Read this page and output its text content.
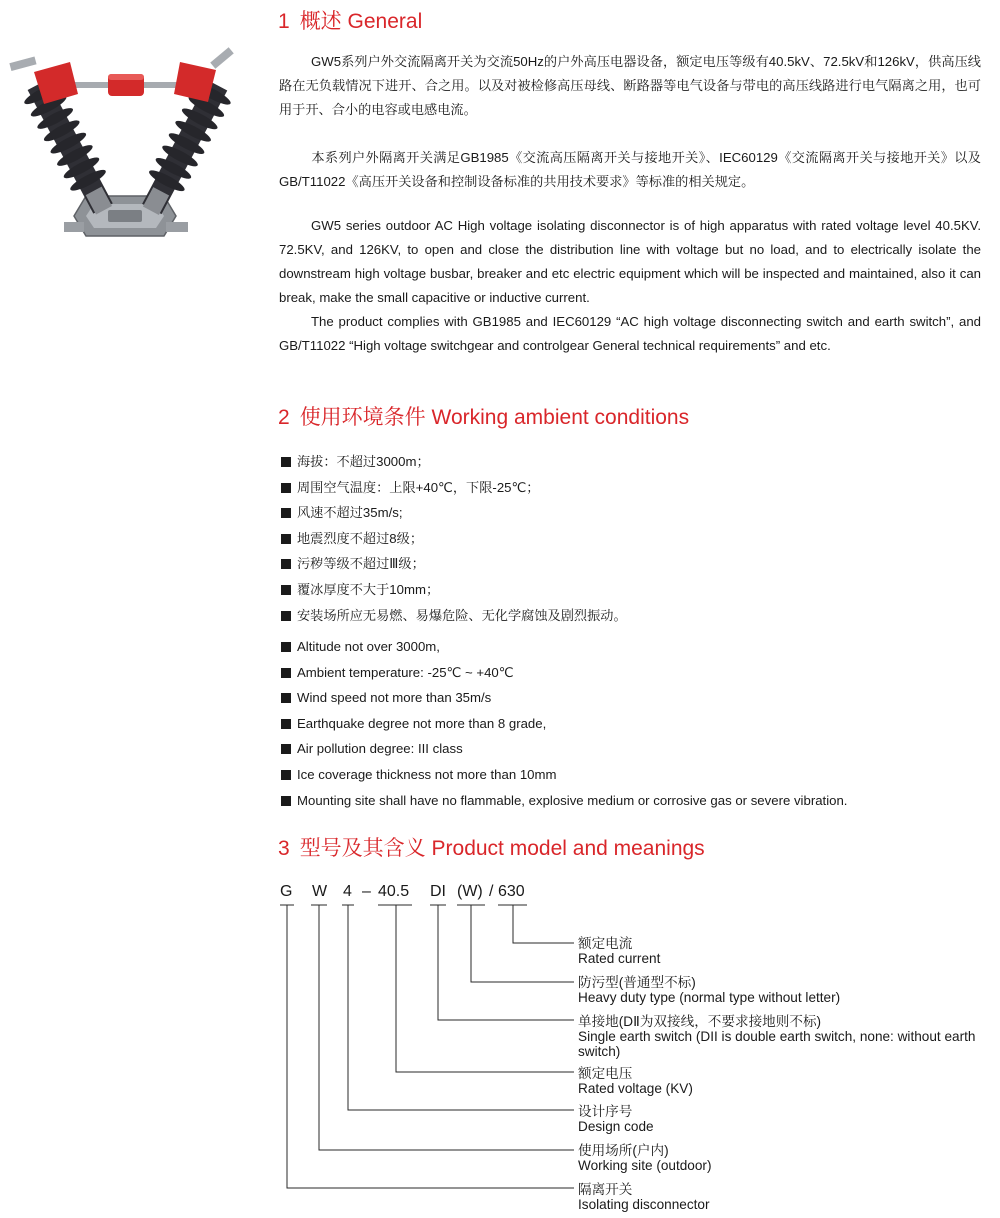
1 概述 General

GW5系列户外交流隔离开关为交流50Hz的户外高压电器设备，额定电压等级有40.5kV、72.5kV和126kV，供高压线路在无负载情况下进开、合之用。以及对被检修高压母线、断路器等电气设备与带电的高压线路进行电气隔离之用，也可用于开、合小的电容或电感电流。

本系列户外隔离开关满足GB1985《交流高压隔离开关与接地开关》、IEC60129《交流隔离开关与接地开关》以及GB/T11022《高压开关设备和控制设备标准的共用技术要求》等标准的相关规定。

GW5 series outdoor AC High voltage isolating disconnector is of high apparatus with rated voltage level 40.5KV. 72.5KV, and 126KV, to open and close the distribution line with voltage but no load, and to electrically isolate the downstream high voltage busbar, breaker and etc electric equipment which will be inspected and maintained, also it can break, make the small capacitive or inductive current.

The product complies with GB1985 and IEC60129 “AC high voltage disconnecting switch and earth switch”, and GB/T11022 “High voltage switchgear and controlgear General technical requirements” and etc.

2 使用环境条件 Working ambient conditions
海拔：不超过3000m；
周围空气温度：上限+40℃，下限-25℃；
风速不超过35m/s;
地震烈度不超过8级；
污秽等级不超过Ⅲ级；
覆冰厚度不大于10mm；
安装场所应无易燃、易爆危险、无化学腐蚀及剧烈振动。
Altitude not over 3000m,
Ambient temperature: -25℃ ~ +40℃
Wind speed not more than 35m/s
Earthquake degree not more than 8 grade,
Air pollution degree: III class
Ice coverage thickness not more than 10mm
Mounting site shall have no flammable, explosive medium or corrosive gas or severe vibration.
3 型号及其含义 Product model and meanings
G W 4 – 40.5 DI (W) / 630
额定电流
Rated current
防污型(普通型不标)
Heavy duty type (normal type without letter)
单接地(DⅡ为双接线，不要求接地则不标)
Single earth switch (DII is double earth switch, none: without earth switch)
额定电压
Rated voltage (KV)
设计序号
Design code
使用场所(户内)
Working site (outdoor)
隔离开关
Isolating disconnector
